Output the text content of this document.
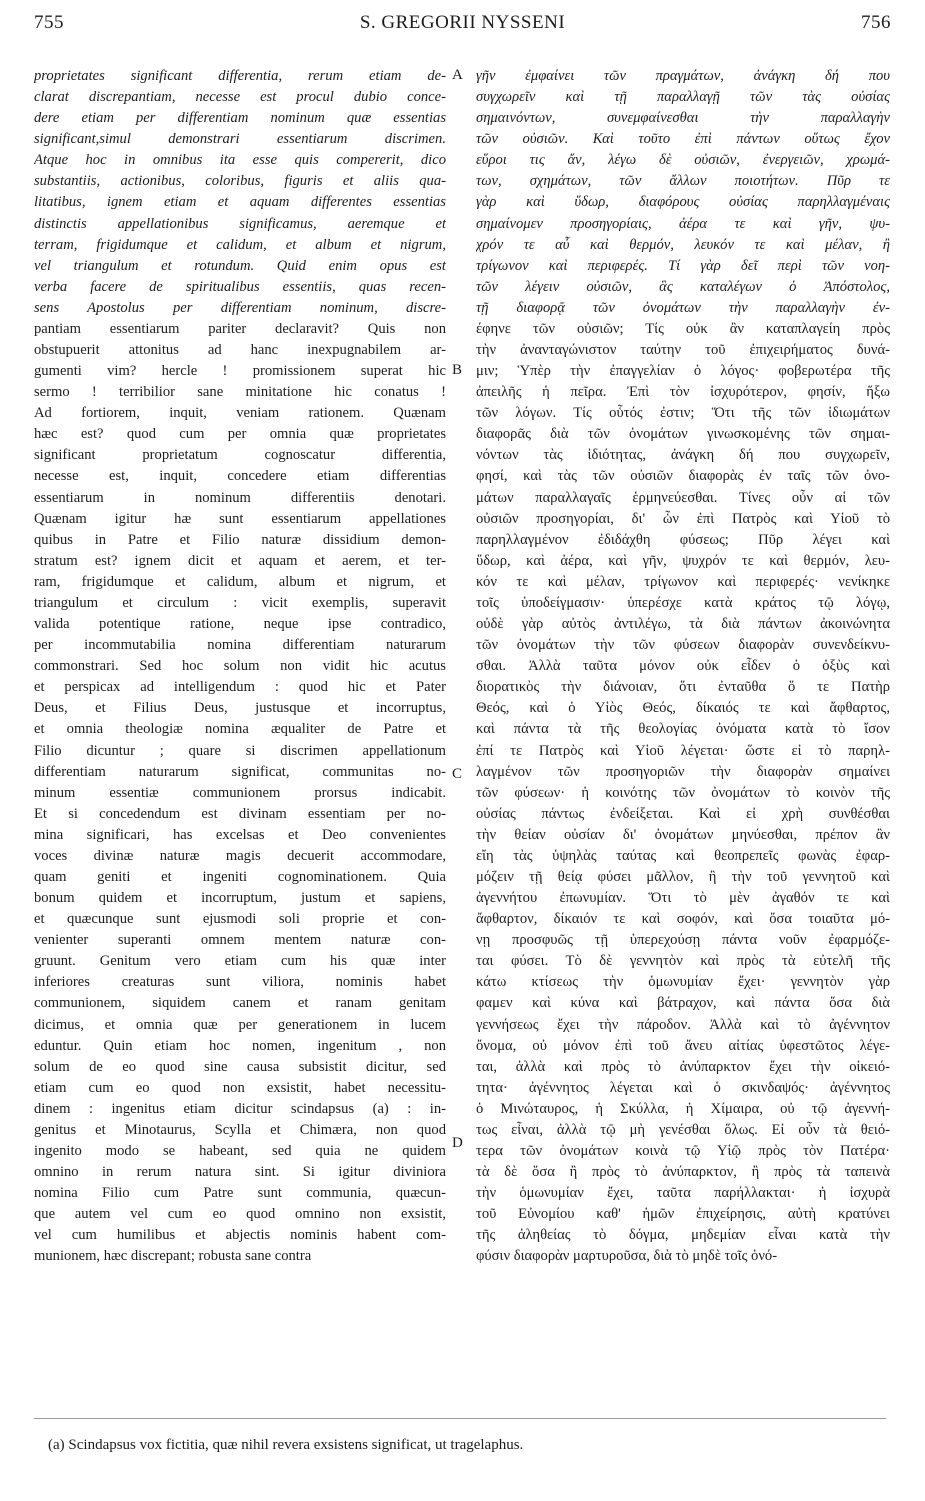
755	S. GREGORII NYSSENI	756
proprietates significant differentia, rerum etiam de-
clarat discrepantiam, necesse est procul dubio conce-
dere etiam per differentiam nominum quæ essentias
significant,simul demonstrari essentiarum discrimen.
Atque hoc in omnibus ita esse quis compererit, dico
substantiis, actionibus, coloribus, figuris et aliis qua-
litatibus, ignem etiam et aquam differentes essentias
distinctis appellationibus significamus, aeremque et
terram, frigidumque et calidum, et album et nigrum,
vel triangulum et rotundum. Quid enim opus est
verba facere de spiritualibus essentiis, quas recen-
sens Apostolus per differentiam nominum, discre-
pantiam essentiarum pariter declaravit? Quis non
obstupuerit attonitus ad hanc inexpugnabilem ar-
gumenti vim? hercle ! promissionem superat hic
sermo ! terribilior sane minitatione hic conatus !
Ad fortiorem, inquit, veniam rationem. Quænam
hæc est? quod cum per omnia quæ proprietates
significant proprietatum cognoscatur differentia,
necesse est, inquit, concedere etiam differentias
essentiarum in nominum differentiis denotari.
Quænam igitur hæ sunt essentiarum appellationes
quibus in Patre et Filio naturæ dissidium demon-
stratum est? ignem dicit et aquam et aerem, et ter-
ram, frigidumque et calidum, album et nigrum, et
triangulum et circulum : vicit exemplis, superavit
valida potentique ratione, neque ipse contradico,
per incommutabilia nomina differentiam naturarum
commonstrari. Sed hoc solum non vidit hic acutus
et perspicax ad intelligendum : quod hic et Pater
Deus, et Filius Deus, justusque et incorruptus,
et omnia theologiæ nomina æqualiter de Patre et
Filio dicuntur ; quare si discrimen appellationum
differentiam naturarum significat, communitas no-
minum essentiæ communionem prorsus indicabit.
Et si concedendum est divinam essentiam per no-
mina significari, has excelsas et Deo convenientes
voces divinæ naturæ magis decuerit accommodare,
quam geniti et ingeniti cognominationem. Quia
bonum quidem et incorruptum, justum et sapiens,
et quæcunque sunt ejusmodi soli proprie et con-
venienter superanti omnem mentem naturæ con-
gruunt. Genitum vero etiam cum his quæ inter
inferiores creaturas sunt viliora, nominis habet
communionem, siquidem canem et ranam genitam
dicimus, et omnia quæ per generationem in lucem
eduntur. Quin etiam hoc nomen, ingenitum , non
solum de eo quod sine causa subsistit dicitur, sed
etiam cum eo quod non exsistit, habet necessitu-
dinem : ingenitus etiam dicitur scindapsus (a) : in-
genitus et Minotaurus, Scylla et Chimæra, non quod
ingenito modo se habeant, sed quia ne quidem
omnino in rerum natura sint. Si igitur diviniora
nomina Filio cum Patre sunt communia, quæcun-
que autem vel cum eo quod omnino non exsistit,
vel cum humilibus et abjectis nominis habent com-
munionem, hæc discrepant; robusta sane contra
A
B
C
D
γῆν ἐμφαίνει τῶν πραγμάτων, ἀνάγκη δή που
συγχωρεῖν καὶ τῇ παραλλαγῇ τῶν τὰς οὐσίας
σημαινόντων, συνεμφαίνεσθαι τὴν παραλλαγὴν
τῶν οὐσιῶν. Καὶ τοῦτο ἐπὶ πάντων οὕτως ἔχον
εὕροι τις ἄν, λέγω δὲ οὐσιῶν, ἐνεργειῶν, χρωμά-
των, σχημάτων, τῶν ἄλλων ποιοτήτων. Πῦρ τε
γὰρ καὶ ὕδωρ, διαφόρους οὐσίας παρηλλαγμέναις
σημαίνομεν προσηγορίαις, ἀέρα τε καὶ γῆν, ψυ-
χρόν τε αὖ καὶ θερμόν, λευκόν τε καὶ μέλαν, ἢ
τρίγωνον καὶ περιφερές. Τί γὰρ δεῖ περὶ τῶν νοη-
τῶν λέγειν οὐσιῶν, ἃς καταλέγων ὁ Ἀπόστολος,
τῇ διαφορᾷ τῶν ὀνομάτων τὴν παραλλαγὴν ἐν-
έφηνε τῶν οὐσιῶν; Τίς οὐκ ἂν καταπλαγείη πρὸς
τὴν ἀνανταγώνιστον ταύτην τοῦ ἐπιχειρήματος δυνά-
μιν; Ὑπὲρ τὴν ἐπαγγελίαν ὁ λόγος· φοβερωτέρα τῆς
ἀπειλῆς ἡ πεῖρα. Ἐπὶ τὸν ἰσχυρότερον, φησίν, ἥξω
τῶν λόγων. Τίς οὗτός ἐστιν; Ὅτι τῆς τῶν ἰδιωμάτων
διαφορᾶς διὰ τῶν ὀνομάτων γινωσκομένης τῶν σημαι-
νόντων τὰς ἰδιότητας, ἀνάγκη δή που συγχωρεῖν,
φησί, καὶ τὰς τῶν οὐσιῶν διαφορὰς ἐν ταῖς τῶν ὀνο-
μάτων παραλλαγαῖς ἑρμηνεύεσθαι. Τίνες οὖν αἱ τῶν
οὐσιῶν προσηγορίαι, δι' ὧν ἐπὶ Πατρὸς καὶ Υἱοῦ τὸ
παρηλλαγμένον ἐδιδάχθη φύσεως; Πῦρ λέγει καὶ
ὕδωρ, καὶ ἀέρα, καὶ γῆν, ψυχρόν τε καὶ θερμόν, λευ-
κόν τε καὶ μέλαν, τρίγωνον καὶ περιφερές· νενίκηκε
τοῖς ὑποδείγμασιν· ὑπερέσχε κατὰ κράτος τῷ λόγῳ,
οὐδὲ γὰρ αὐτὸς ἀντιλέγω, τὰ διὰ πάντων ἀκοινώνητα
τῶν ὀνομάτων τὴν τῶν φύσεων διαφορὰν συνενδείκνυ-
σθαι. Ἀλλὰ ταῦτα μόνον οὐκ εἶδεν ὁ ὀξὺς καὶ
διορατικὸς τὴν διάνοιαν, ὅτι ἐνταῦθα ὅ τε Πατὴρ
Θεός, καὶ ὁ Υἱὸς Θεός, δίκαιός τε καὶ ἄφθαρτος,
καὶ πάντα τὰ τῆς θεολογίας ὀνόματα κατὰ τὸ ἴσον
ἐπί τε Πατρὸς καὶ Υἱοῦ λέγεται· ὥστε εἰ τὸ παρηλ-
λαγμένον τῶν προσηγοριῶν τὴν διαφορὰν σημαίνει
τῶν φύσεων· ἡ κοινότης τῶν ὀνομάτων τὸ κοινὸν τῆς
οὐσίας πάντως ἐνδείξεται. Καὶ εἰ χρὴ συνθέσθαι
τὴν θείαν οὐσίαν δι' ὀνομάτων μηνύεσθαι, πρέπον ἂν
εἴη τὰς ὑψηλὰς ταύτας καὶ θεοπρεπεῖς φωνὰς ἐφαρ-
μόζειν τῇ θείᾳ φύσει μᾶλλον, ἢ τὴν τοῦ γεννητοῦ καὶ
ἀγεννήτου ἐπωνυμίαν. Ὅτι τὸ μὲν ἀγαθόν τε καὶ
ἄφθαρτον, δίκαιόν τε καὶ σοφόν, καὶ ὅσα τοιαῦτα μό-
νῃ προσφυῶς τῇ ὑπερεχούσῃ πάντα νοῦν ἐφαρμόζε-
ται φύσει. Τὸ δὲ γεννητὸν καὶ πρὸς τὰ εὐτελῆ τῆς
κάτω κτίσεως τὴν ὁμωνυμίαν ἔχει· γεννητὸν γὰρ
φαμεν καὶ κύνα καὶ βάτραχον, καὶ πάντα ὅσα διὰ
γεννήσεως ἔχει τὴν πάροδον. Ἀλλὰ καὶ τὸ ἀγέννητον
ὄνομα, οὐ μόνον ἐπὶ τοῦ ἄνευ αἰτίας ὑφεστῶτος λέγε-
ται, ἀλλὰ καὶ πρὸς τὸ ἀνύπαρκτον ἔχει τὴν οἰκειό-
τητα· ἀγέννητος λέγεται καὶ ὁ σκινδαψός· ἀγέννητος
ὁ Μινώταυρος, ἡ Σκύλλα, ἡ Χίμαιρα, οὐ τῷ ἀγεννή-
τως εἶναι, ἀλλὰ τῷ μὴ γενέσθαι ὅλως. Εἰ οὖν τὰ θειό-
τερα τῶν ὀνομάτων κοινὰ τῷ Υἱῷ πρὸς τὸν Πατέρα·
τὰ δὲ ὅσα ἢ πρὸς τὸ ἀνύπαρκτον, ἢ πρὸς τὰ ταπεινὰ
τὴν ὁμωνυμίαν ἔχει, ταῦτα παρήλλακται· ἡ ἰσχυρὰ
τοῦ Εὐνομίου καθ' ἡμῶν ἐπιχείρησις, αὐτὴ κρατύνει
τῆς ἀληθείας τὸ δόγμα, μηδεμίαν εἶναι κατὰ τὴν
φύσιν διαφορὰν μαρτυροῦσα, διὰ τὸ μηδὲ τοῖς ὀνό-
(a) Scindapsus vox fictitia, quæ nihil revera exsistens significat, ut tragelaphus.
